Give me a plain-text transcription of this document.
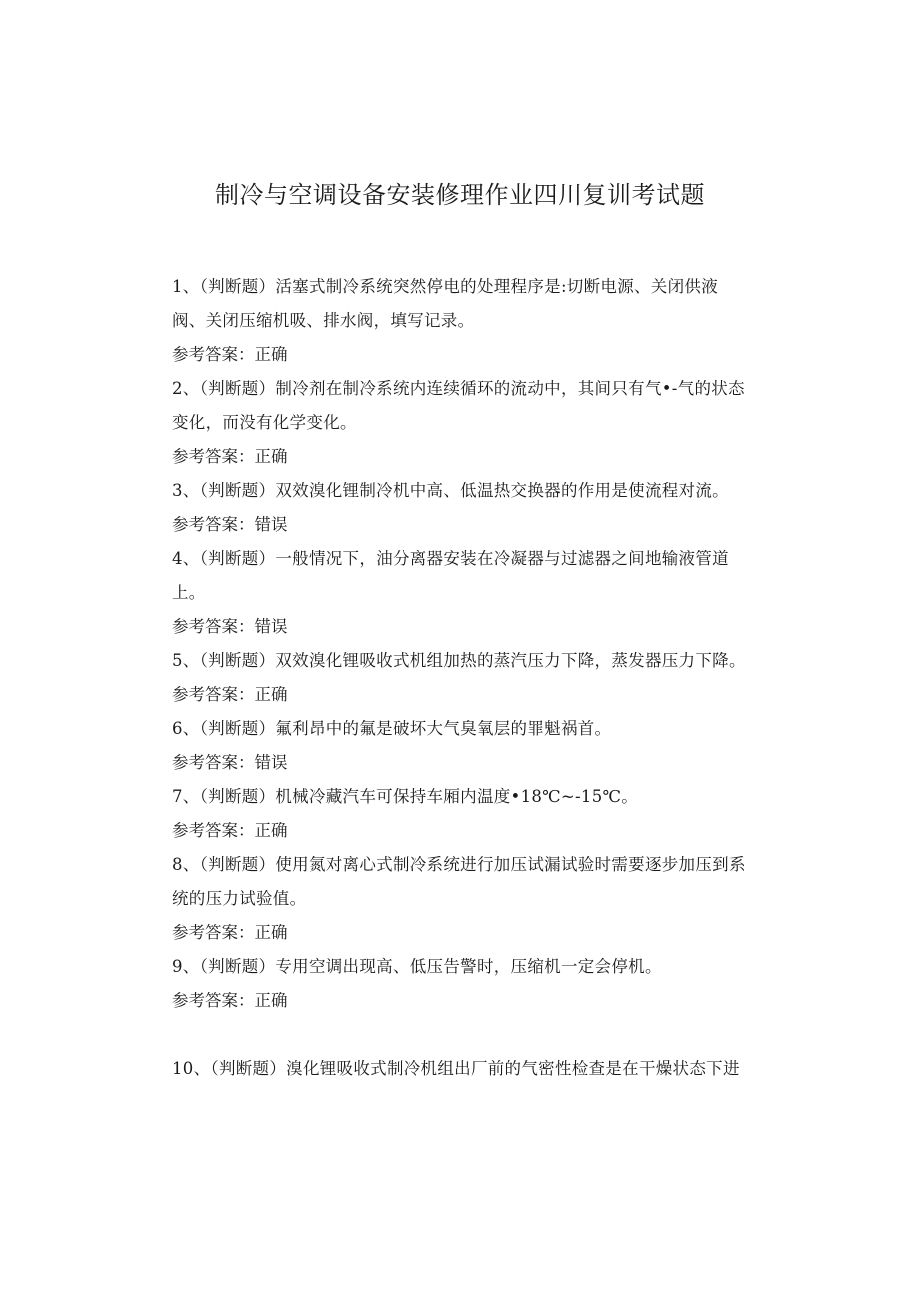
制冷与空调设备安装修理作业四川复训考试题

1、（判断题）活塞式制冷系统突然停电的处理程序是:切断电源、关闭供液阀、关闭压缩机吸、排水阀，填写记录。

参考答案：正确

2、（判断题）制冷剂在制冷系统内连续循环的流动中，其间只有气•-气的状态变化，而没有化学变化。

参考答案：正确

3、（判断题）双效溴化锂制冷机中高、低温热交换器的作用是使流程对流。

参考答案：错误

4、（判断题）一般情况下，油分离器安装在冷凝器与过滤器之间地输液管道上。

参考答案：错误

5、（判断题）双效溴化锂吸收式机组加热的蒸汽压力下降，蒸发器压力下降。

参考答案：正确

6、（判断题）氟利昂中的氟是破坏大气臭氧层的罪魁祸首。

参考答案：错误

7、（判断题）机械冷藏汽车可保持车厢内温度•18℃~-15℃。

参考答案：正确

8、（判断题）使用氮对离心式制冷系统进行加压试漏试验时需要逐步加压到系统的压力试验值。

参考答案：正确

9、（判断题）专用空调出现高、低压告警时，压缩机一定会停机。

参考答案：正确

10、（判断题）溴化锂吸收式制冷机组出厂前的气密性检查是在干燥状态下进
